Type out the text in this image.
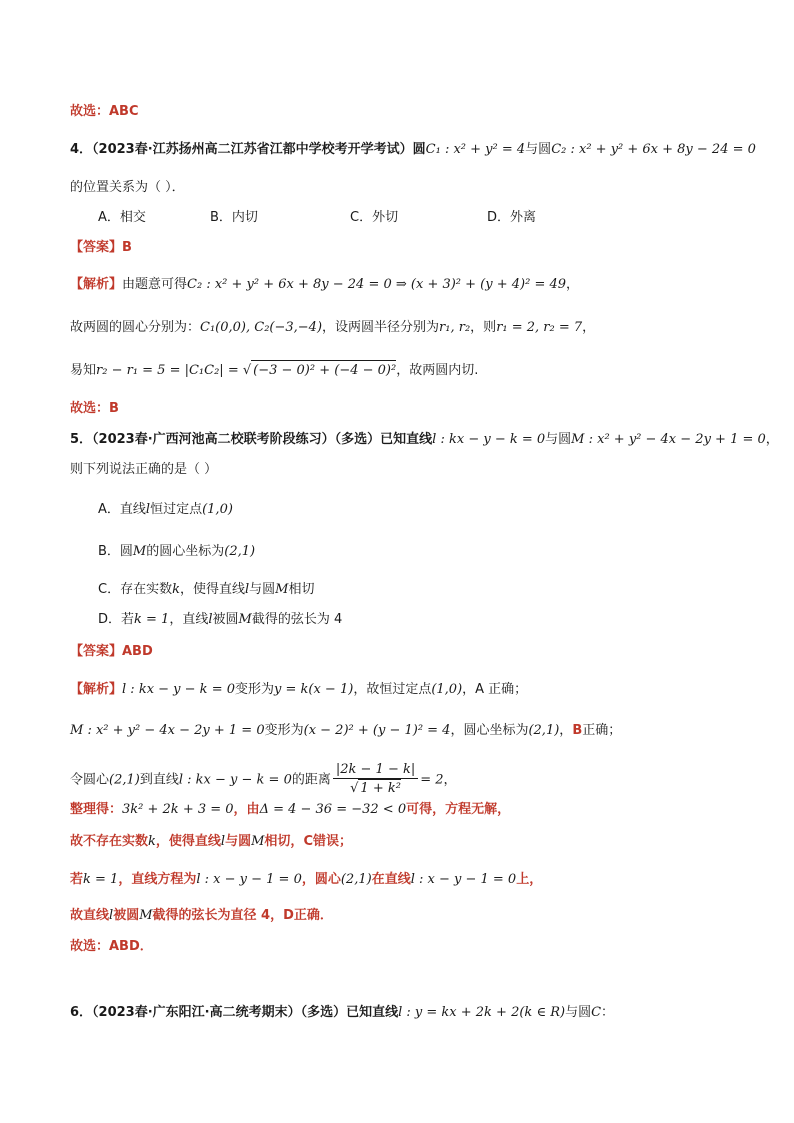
故选：ABC
4．（2023春·江苏扬州高二江苏省江都中学校考开学考试）圆C₁ : x² + y² = 4与圆C₂ : x² + y² + 6x + 8y − 24 = 0
的位置关系为（ ）．
A．相交	B．内切	C．外切	D．外离
【答案】B
【解析】由题意可得C₂ : x² + y² + 6x + 8y − 24 = 0 ⇒ (x + 3)² + (y + 4)² = 49，
故两圆的圆心分别为：C₁(0,0), C₂(−3,−4)，设两圆半径分别为r₁, r₂，则r₁ = 2, r₂ = 7，
易知r₂ − r₁ = 5 = |C₁C₂| = √ (−3 − 0)² + (−4 − 0)²，故两圆内切.
故选：B
5．（2023春·广西河池高二校联考阶段练习）（多选）已知直线l : kx − y − k = 0与圆M : x² + y² − 4x − 2y + 1 = 0，
则下列说法正确的是（ ）
A．直线l恒过定点(1,0)
B．圆M的圆心坐标为(2,1)
C．存在实数k，使得直线l与圆M相切
D．若k = 1，直线l被圆M截得的弦长为 4
【答案】ABD
【解析】l : kx − y − k = 0变形为y = k(x − 1)，故恒过定点(1,0)，A 正确；
M : x² + y² − 4x − 2y + 1 = 0变形为(x − 2)² + (y − 1)² = 4，圆心坐标为(2,1)，B正确；
令圆心(2,1)到直线l : kx − y − k = 0的距离 $\frac{|2k - 1 - k|}{\text{√ 1 + k²}} = 2$，
整理得：3k² + 2k + 3 = 0，由Δ = 4 − 36 = −32 < 0可得，方程无解，
故不存在实数k，使得直线l与圆M相切，C错误；
若k = 1，直线方程为l : x − y − 1 = 0，圆心(2,1)在直线l : x − y − 1 = 0上，
故直线l被圆M截得的弦长为直径 4，D正确．
故选：ABD．
6．（2023春·广东阳江·高二统考期末）（多选）已知直线l : y = kx + 2k + 2(k ∈ R)与圆C：
